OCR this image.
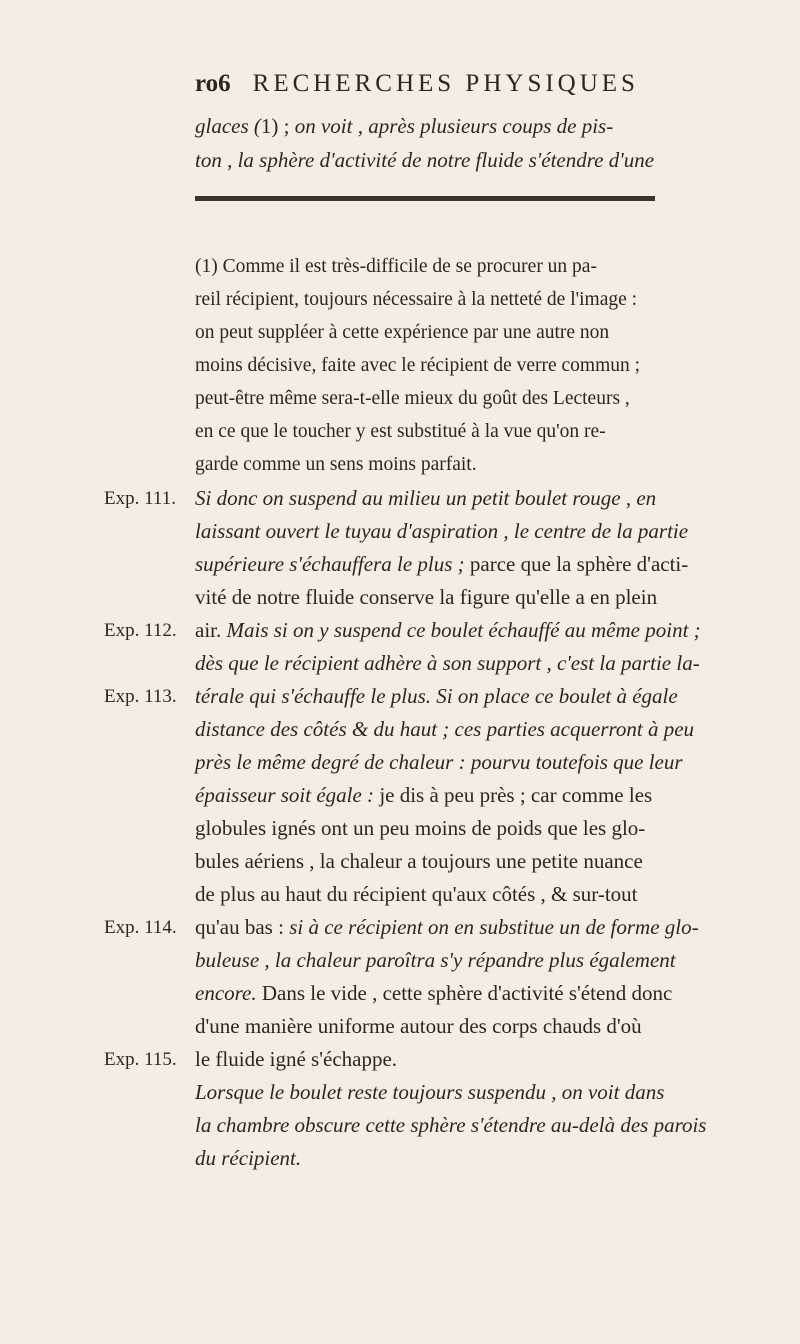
ro6 RECHERCHES PHYSIQUES
glaces (1) ; on voit , après plusieurs coups de pis-
ton , la sphère d'activité de notre fluide s'étendre d'une
(1) Comme il est très-difficile de se procurer un pa-
reil récipient, toujours nécessaire à la netteté de l'image :
on peut suppléer à cette expérience par une autre non
moins décisive, faite avec le récipient de verre commun ;
peut-être même sera-t-elle mieux du goût des Lecteurs ,
en ce que le toucher y est substitué à la vue qu'on re-
garde comme un sens moins parfait.
Exp. 111.
Exp. 112.
Exp. 113.
Exp. 114.
Exp. 115.
Si donc on suspend au milieu un petit boulet rouge , en
laissant ouvert le tuyau d'aspiration , le centre de la partie
supérieure s'échauffera le plus ; parce que la sphère d'acti-
vité de notre fluide conserve la figure qu'elle a en plein
air. Mais si on y suspend ce boulet échauffé au même point ;
dès que le récipient adhère à son support , c'est la partie la-
térale qui s'échauffe le plus. Si on place ce boulet à égale
distance des côtés & du haut ; ces parties acquerront à peu
près le même degré de chaleur : pourvu toutefois que leur
épaisseur soit égale : je dis à peu près ; car comme les
globules ignés ont un peu moins de poids que les glo-
bules aériens , la chaleur a toujours une petite nuance
de plus au haut du récipient qu'aux côtés , & sur-tout
qu'au bas : si à ce récipient on en substitue un de forme glo-
buleuse , la chaleur paroîtra s'y répandre plus également
encore. Dans le vide , cette sphère d'activité s'étend donc
d'une manière uniforme autour des corps chauds d'où
le fluide igné s'échappe.
Lorsque le boulet reste toujours suspendu , on voit dans
la chambre obscure cette sphère s'étendre au-delà des parois
du récipient.
